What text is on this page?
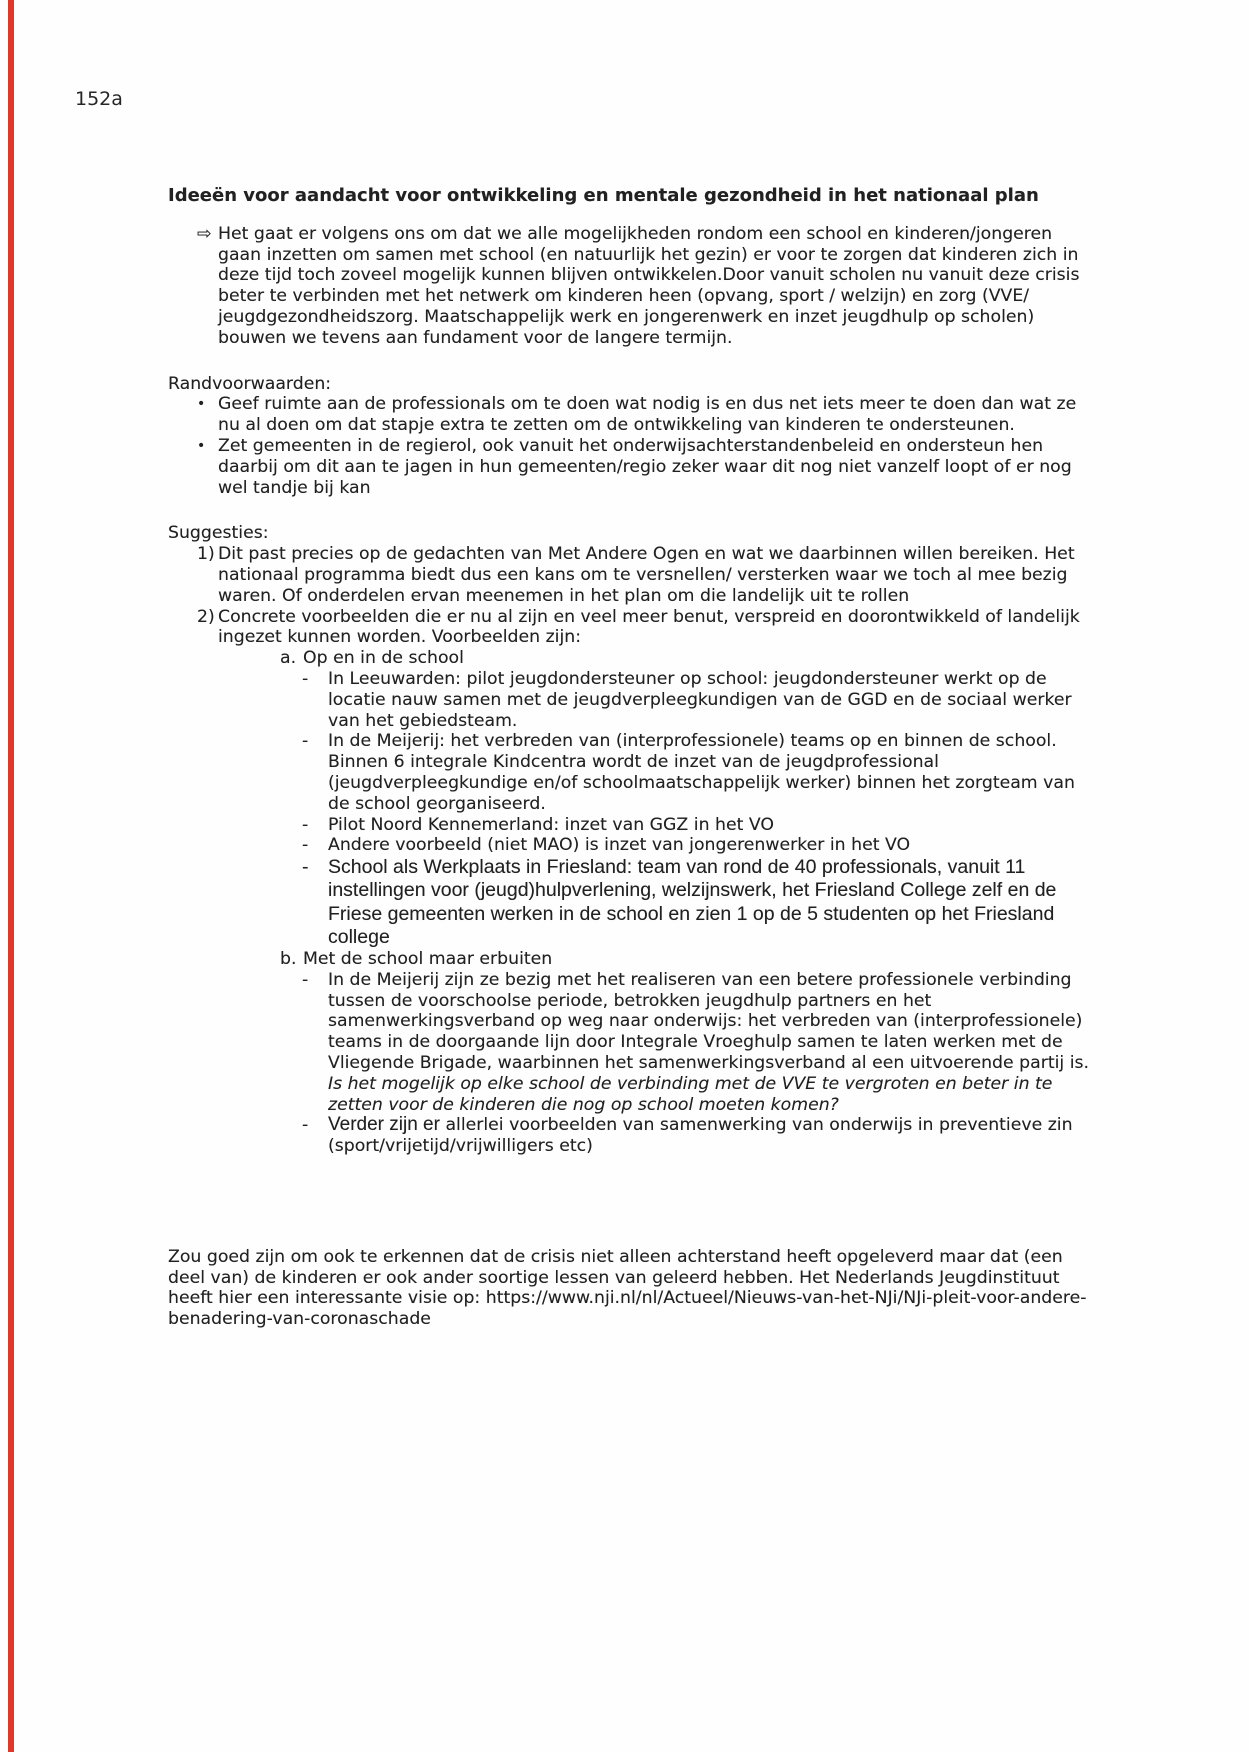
152a
Ideeën voor aandacht voor ontwikkeling en mentale gezondheid in het nationaal plan
⇨ Het gaat er volgens ons om dat we alle mogelijkheden rondom een school en kinderen/jongeren gaan inzetten om samen met school (en natuurlijk het gezin) er voor te zorgen dat kinderen zich in deze tijd toch zoveel mogelijk kunnen blijven ontwikkelen.Door vanuit scholen nu vanuit deze crisis beter te verbinden met het netwerk om kinderen heen (opvang, sport / welzijn) en zorg (VVE/ jeugdgezondheidszorg. Maatschappelijk werk en jongerenwerk en inzet jeugdhulp op scholen) bouwen we tevens aan fundament voor de langere termijn.
Randvoorwaarden:
• Geef ruimte aan de professionals om te doen wat nodig is en dus net iets meer te doen dan wat ze nu al doen om dat stapje extra te zetten om de ontwikkeling van kinderen te ondersteunen.
• Zet gemeenten in de regierol, ook vanuit het onderwijsachterstandenbeleid en ondersteun hen daarbij om dit aan te jagen in hun gemeenten/regio zeker waar dit nog niet vanzelf loopt of er nog wel tandje bij kan
Suggesties:
1) Dit past precies op de gedachten van Met Andere Ogen en wat we daarbinnen willen bereiken. Het nationaal programma biedt dus een kans om te versnellen/ versterken waar we toch al mee bezig waren. Of onderdelen ervan meenemen in het plan om die landelijk uit te rollen
2) Concrete voorbeelden die er nu al zijn en veel meer benut, verspreid en doorontwikkeld of landelijk ingezet kunnen worden. Voorbeelden zijn:
a. Op en in de school
- In Leeuwarden: pilot jeugdondersteuner op school: jeugdondersteuner werkt op de locatie nauw samen met de jeugdverpleegkundigen van de GGD en de sociaal werker van het gebiedsteam.
- In de Meijerij: het verbreden van (interprofessionele) teams op en binnen de school. Binnen 6 integrale Kindcentra wordt de inzet van de jeugdprofessional (jeugdverpleegkundige en/of schoolmaatschappelijk werker) binnen het zorgteam van de school georganiseerd.
- Pilot Noord Kennemerland: inzet van GGZ in het VO
- Andere voorbeeld (niet MAO) is inzet van jongerenwerker in het VO
- School als Werkplaats in Friesland: team van rond de 40 professionals, vanuit 11 instellingen voor (jeugd)hulpverlening, welzijnswerk, het Friesland College zelf en de Friese gemeenten werken in de school en zien 1 op de 5 studenten op het Friesland college
b. Met de school maar erbuiten
- In de Meijerij zijn ze bezig met het realiseren van een betere professionele verbinding tussen de voorschoolse periode, betrokken jeugdhulp partners en het samenwerkingsverband op weg naar onderwijs: het verbreden van (interprofessionele) teams in de doorgaande lijn door Integrale Vroeghulp samen te laten werken met de Vliegende Brigade, waarbinnen het samenwerkingsverband al een uitvoerende partij is. Is het mogelijk op elke school de verbinding met de VVE te vergroten en beter in te zetten voor de kinderen die nog op school moeten komen?
- Verder zijn er allerlei voorbeelden van samenwerking van onderwijs in preventieve zin (sport/vrijetijd/vrijwilligers etc)
Zou goed zijn om ook te erkennen dat de crisis niet alleen achterstand heeft opgeleverd maar dat (een deel van) de kinderen er ook ander soortige lessen van geleerd hebben. Het Nederlands Jeugdinstituut heeft hier een interessante visie op: https://www.nji.nl/nl/Actueel/Nieuws-van-het-NJi/NJi-pleit-voor-andere-benadering-van-coronaschade
